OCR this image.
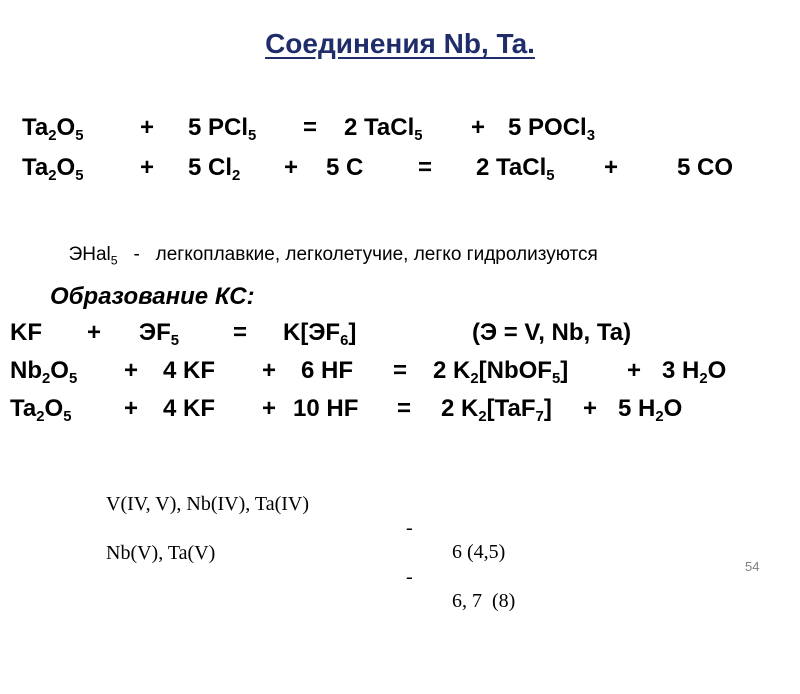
Соединения Nb, Ta.

$Ta_2O_5$

+

5 PCl$_5$

=

2 TaCl$_5$

+

5 POCl$_3$

$Ta_2O_5$

+

5 $Cl_2$

+

5 C

=

2 TaCl$_5$

+

5 CO

ЭHal$_5$ - легкоплавкие, легколетучие, легко гидролизуются

Образование КС:

KF

+

$ЭF_5$

=

$K[ЭF_6]$

	(Э = V, Nb, Ta)

$Nb_2O_5$

+

4 KF

+

6 HF

=

2 $K_2[NbOF_5]$

+

3 $H_2O$

$Ta_2O_5$

+

4 KF

+

10 HF

=

2 $K_2[TaF_7]$

+

5 $H_2O$

V(IV, V), Nb(IV), Ta(IV)

-

6 (4,5)

Nb(V), Ta(V)

-

6, 7  (8)

54
